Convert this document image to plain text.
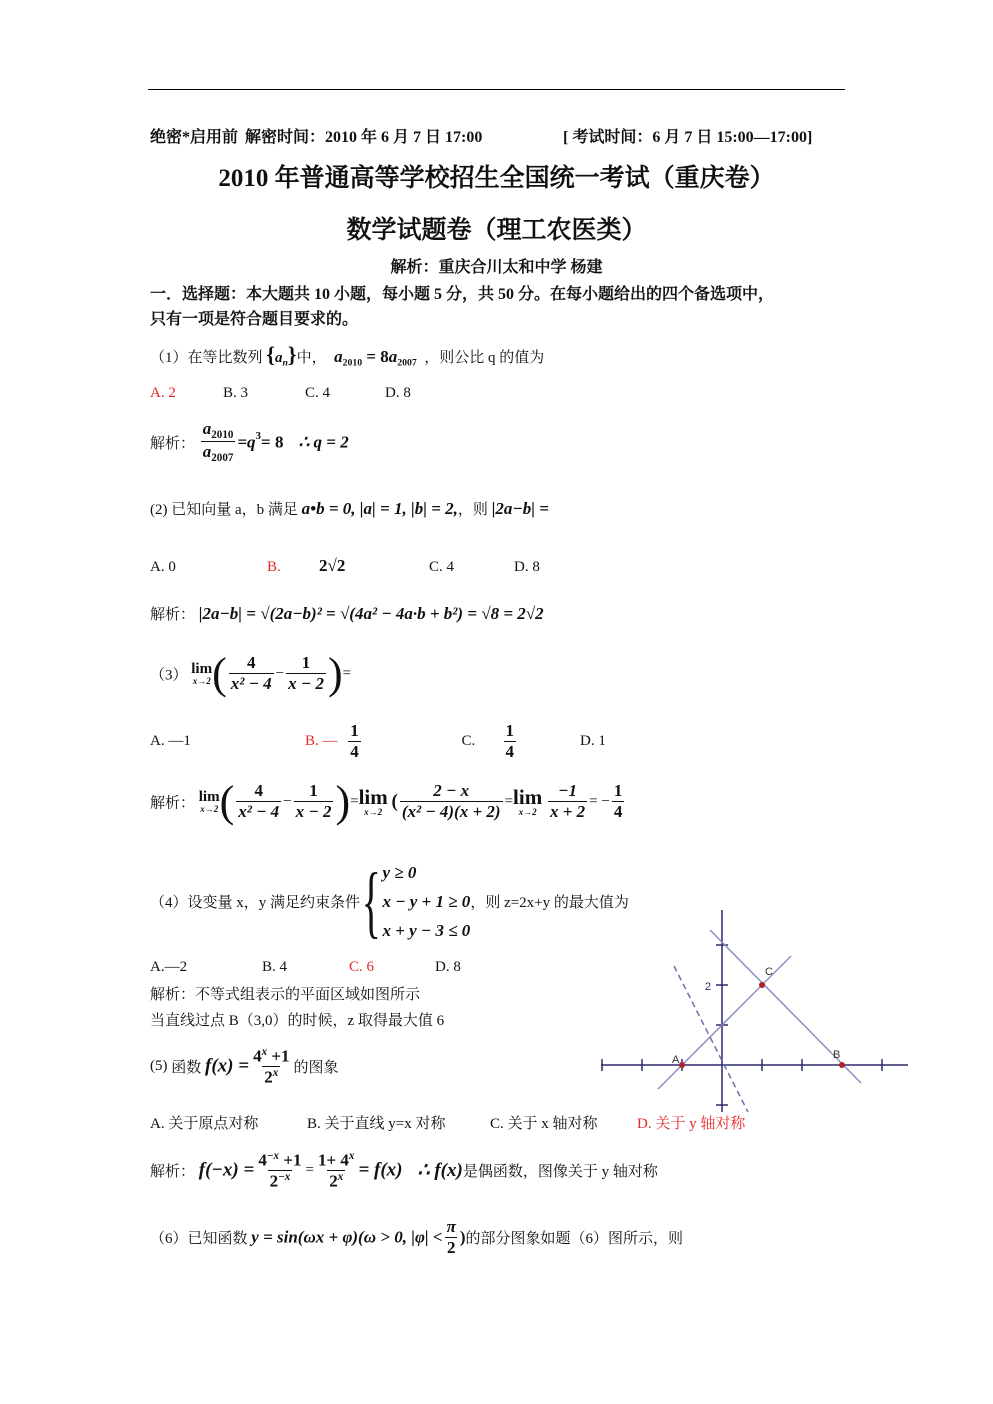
绝密*启用前 解密时间：2010 年 6 月 7 日 17:00	[ 考试时间：6 月 7 日 15:00—17:00]
2010 年普通高等学校招生全国统一考试（重庆卷）
数学试题卷（理工农医类）
解析：重庆合川太和中学 杨建
一．选择题：本大题共 10 小题，每小题 5 分，共 50 分。在每小题给出的四个备选项中，
只有一项是符合题目要求的。
（1）在等比数列 $\{a_n\}$中， $a_{2010} = 8a_{2007}$ ，则公比 q 的值为
A. 2	B. 3	C. 4	D. 8
解析： $\frac{a_{2010}}{a_{2007}} =q^3= 8$ ∴ q = 2
(2) 已知向量 a，b 满足 a•b = 0, |a| = 1, |b| = 2,，则 |2a−b| =
A. 0	B. 2√2	C. 4	D. 8
解析： |2a−b| = √(2a−b)² = √(4a² − 4a·b + b²) = √8 = 2√2
（3） lim
x→2 ( $\frac{4}{\text{x² − 4}} - \frac{1}{x - 2}$ )=
A. —1	B. — $\frac{1}{4}$	C. $\frac{1}{4}$	D. 1
解析： lim
x→2 ( $\frac{4}{\text{x² − 4}} - \frac{1}{x - 2}$ )= lim
x→2 ( $\frac{2 - x}{\text{(x² − 4)(x + 2)}} = \lim$
x→2
$\frac{-1}{x + 2}$ = − $\frac{1}{4}$
（4） 设变量 x，y 满足约束条件 { y ≥ 0
x − y + 1 ≥ 0
x + y − 3 ≤ 0
，则 z=2x+y 的最大值为
A.—2	B. 4	C. 6	D. 8
解析：不等式组表示的平面区域如图所示
当直线过点 B（3,0）的时候，z 取得最大值 6
2
A	B
C
(5) 函数 $f(x) = \frac{4^x +1}{2^x}$ 的图象
A. 关于原点对称	B. 关于直线 y=x 对称	C. 关于 x 轴对称	D. 关于 y 轴对称
解析： $f(-x) = \frac{4^{-x} +1}{2^{-x}} = \frac{1+ 4^x}{2^x} = f(x)$ ∴ f(x)是偶函数，图像关于 y 轴对称
（6）已知函数 y = sin(ωx + φ)(ω > 0, $|\varphi| < \frac{\pi}{2}$ )的部分图象如题（6）图所示，则
